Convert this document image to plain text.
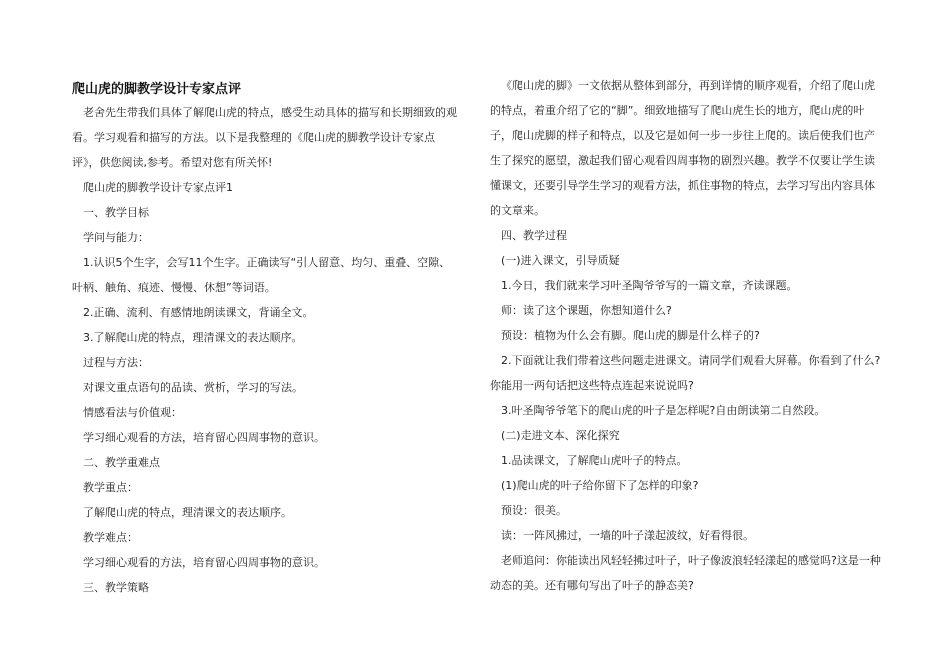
爬山虎的脚教学设计专家点评

老舍先生带我们具体了解爬山虎的特点，感受生动具体的描写和长期细致的观看。学习观看和描写的方法。以下是我整理的《爬山虎的脚教学设计专家点评》，供您阅读,参考。希望对您有所关怀!

爬山虎的脚教学设计专家点评1

一、教学目标

学问与能力：

1.认识5个生字，会写11个生字。正确读写“引人留意、均匀、重叠、空隙、叶柄、触角、痕迹、慢慢、休想”等词语。

2.正确、流利、有感情地朗读课文，背诵全文。

3.了解爬山虎的特点，理清课文的表达顺序。

过程与方法：

对课文重点语句的品读、赏析，学习的写法。

情感看法与价值观：

学习细心观看的方法，培育留心四周事物的意识。

二、教学重难点

教学重点：

了解爬山虎的特点，理清课文的表达顺序。

教学难点：

学习细心观看的方法，培育留心四周事物的意识。

三、教学策略

《爬山虎的脚》一文依据从整体到部分，再到详情的顺序观看，介绍了爬山虎的特点，着重介绍了它的“脚”。细致地描写了爬山虎生长的地方，爬山虎的叶子，爬山虎脚的样子和特点，以及它是如何一步一步往上爬的。读后使我们也产生了探究的愿望，激起我们留心观看四周事物的剧烈兴趣。教学不仅要让学生读懂课文，还要引导学生学习的观看方法，抓住事物的特点，去学习写出内容具体的文章来。

四、教学过程

(一)进入课文，引导质疑

1.今日，我们就来学习叶圣陶爷爷写的一篇文章，齐读课题。

师：读了这个课题，你想知道什么?

预设：植物为什么会有脚。爬山虎的脚是什么样子的?

2.下面就让我们带着这些问题走进课文。请同学们观看大屏幕。你看到了什么?你能用一两句话把这些特点连起来说说吗?

3.叶圣陶爷爷笔下的爬山虎的叶子是怎样呢?自由朗读第二自然段。

(二)走进文本、深化探究

1.品读课文，了解爬山虎叶子的特点。

(1)爬山虎的叶子给你留下了怎样的印象?

预设：很美。

读：一阵风拂过，一墙的叶子漾起波纹，好看得很。

老师追问：你能读出风轻轻拂过叶子，叶子像波浪轻轻漾起的感觉吗?这是一种动态的美。还有哪句写出了叶子的静态美?
